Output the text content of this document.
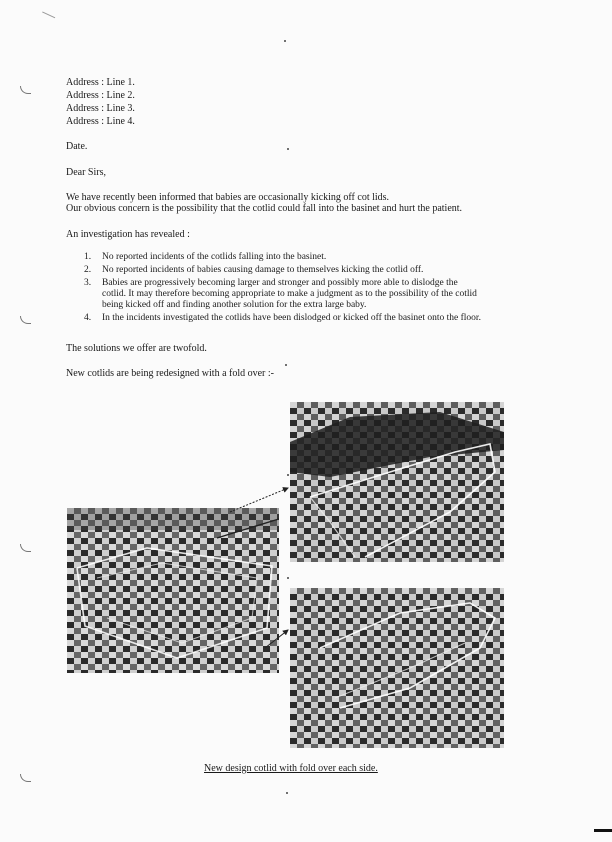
Address : Line 1.
Address : Line 2.
Address : Line 3.
Address : Line 4.
Date.
Dear Sirs,
We have recently been informed that babies are occasionally kicking off cot lids.
Our obvious concern is the possibility that the cotlid could fall into the basinet and hurt the patient.
An investigation has revealed :
1. No reported incidents of the cotlids falling into the basinet.
2. No reported incidents of babies causing damage to themselves kicking the cotlid off.
3. Babies are progressively becoming larger and stronger and possibly more able to dislodge the
cotlid. It may therefore becoming appropriate to make a judgment as to the possibility of the cotlid
being kicked off and finding another solution for the extra large baby.
4. In the incidents investigated the cotlids have been dislodged or kicked off the basinet onto the floor.
The solutions we offer are twofold.
New cotlids are being redesigned with a fold over :-
New design cotlid with fold over each side.
